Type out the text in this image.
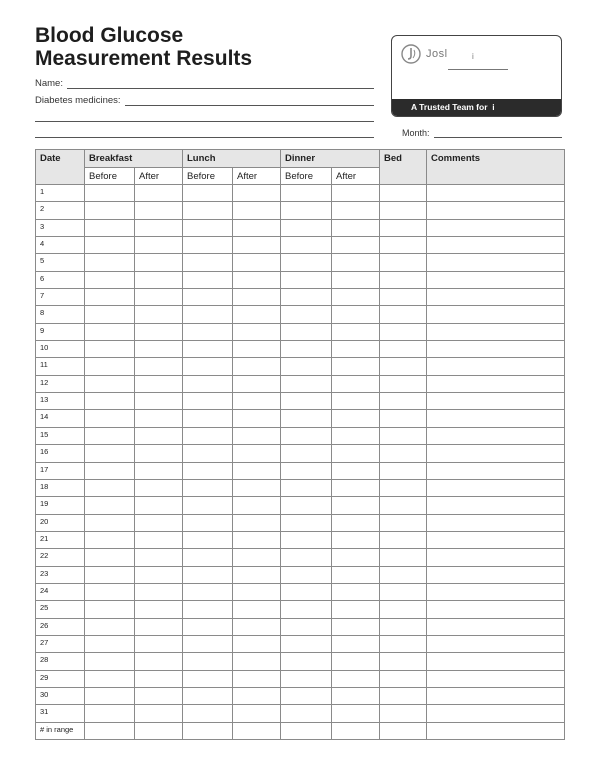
Blood Glucose
Measurement Results
Name:
Diabetes medicines:
Josl	i
A Trusted Team for i
Month:
Date	Breakfast		Lunch		Dinner		Bed	Comments
	Before	After	Before	After	Before	After		
1								
2								
3								
4								
5								
6								
7								
8								
9								
10								
11								
12								
13								
14								
15								
16								
17								
18								
19								
20								
21								
22								
23								
24								
25								
26								
27								
28								
29								
30								
31								
# in range								
